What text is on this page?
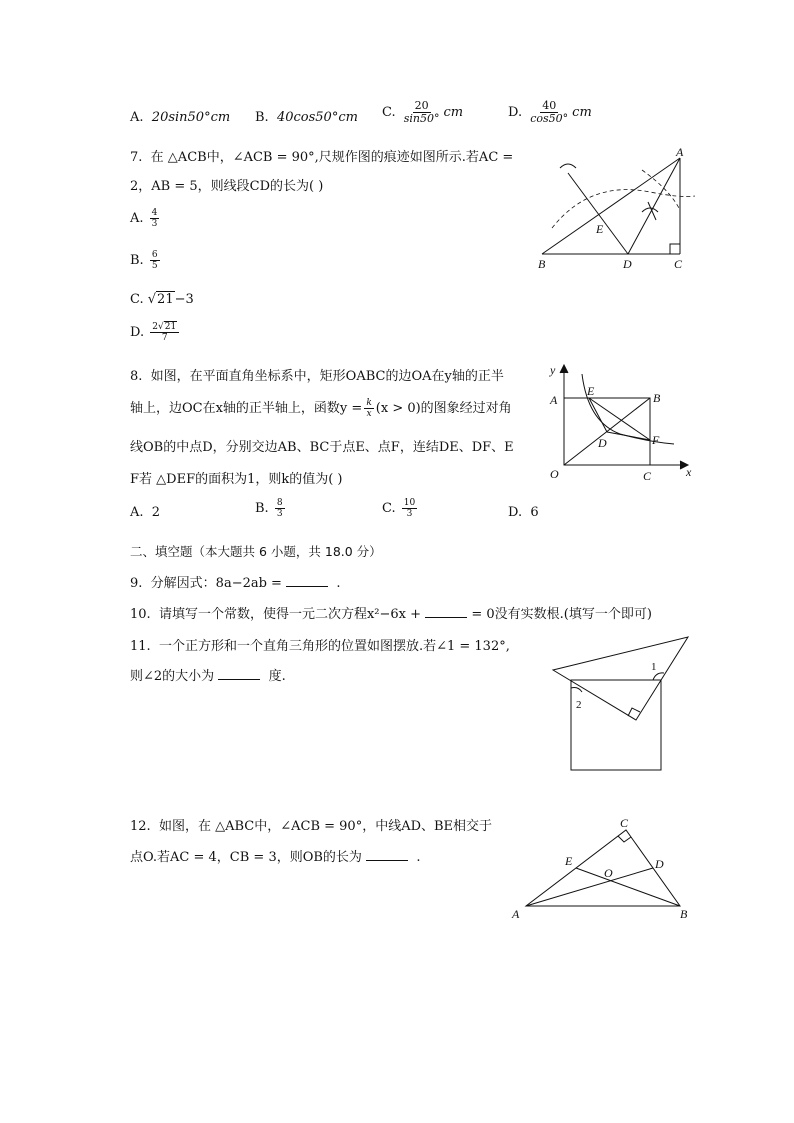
A. 20sin50°cm B. 40cos50°cm C. $\frac{20}{\sin 50^\circ}$ cm	D. $\frac{40}{\cos 50^\circ}$ cm
7. 在 △ACB中，∠ACB = 90°,尺规作图的痕迹如图所示.若AC =
2，AB = 5，则线段CD的长为( )
A. $\frac{4}{3}$
B. $\frac{6}{5}$
C. √21−3
D. $\frac{2√21}{7}$
A
B	C
D
E
8. 如图，在平面直角坐标系中，矩形OABC的边OA在y轴的正半
轴上，边OC在x轴的正半轴上，函数$y = \frac{k}{x} (x > 0)$的图象经过对角
线OB的中点D，分别交边AB、BC于点E、点F，连结DE、DF、E
F若 △DEF的面积为1，则k的值为( )
A. 2	B. $\frac{8}{3}$	C. $\frac{10}{3}$	D. 6
y
x
A	B
C
D
E
F
O
二、填空题（本大题共 6 小题，共 18.0 分）
9. 分解因式：8a−2ab =	.
10. 请填写一个常数，使得一元二次方程x²−6x +	= 0没有实数根.(填写一个即可)
11. 一个正方形和一个直角三角形的位置如图摆放.若∠1 = 132°,
则∠2的大小为	度.
1
2
12. 如图，在 △ABC中，∠ACB = 90°，中线AD、BE相交于
点O.若AC = 4，CB = 3，则OB的长为	.
A	B
C
D
E
O
